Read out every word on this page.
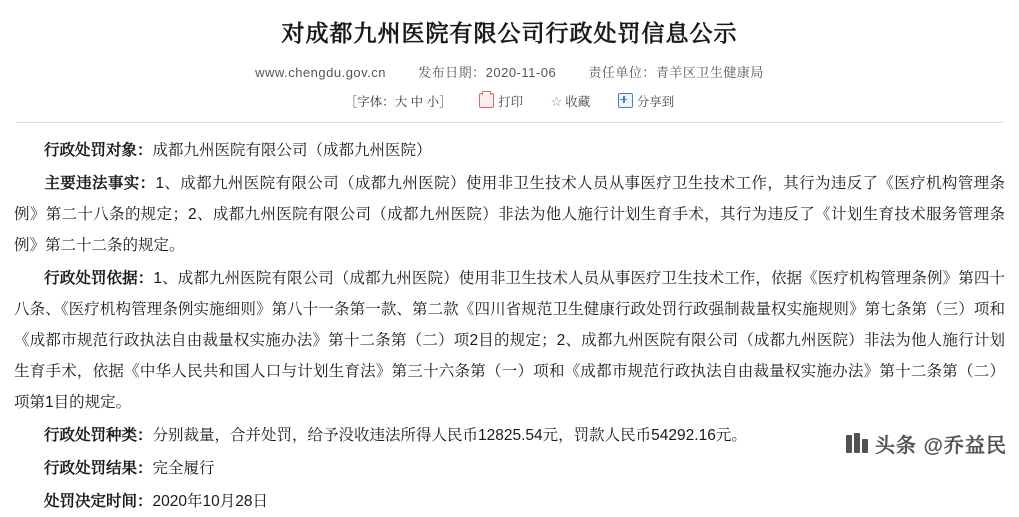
对成都九州医院有限公司行政处罚信息公示
www.chengdu.gov.cn 发布日期：2020-11-06 责任单位：青羊区卫生健康局
［字体：大 中 小］	打印 ☆ 收藏	分享到

行政处罚对象：成都九州医院有限公司（成都九州医院）

主要违法事实：1、成都九州医院有限公司（成都九州医院）使用非卫生技术人员从事医疗卫生技术工作，其行为违反了《医疗机构管理条例》第二十八条的规定；2、成都九州医院有限公司（成都九州医院）非法为他人施行计划生育手术，其行为违反了《计划生育技术服务管理条例》第二十二条的规定。

行政处罚依据：1、成都九州医院有限公司（成都九州医院）使用非卫生技术人员从事医疗卫生技术工作，依据《医疗机构管理条例》第四十八条、《医疗机构管理条例实施细则》第八十一条第一款、第二款《四川省规范卫生健康行政处罚行政强制裁量权实施规则》第七条第（三）项和《成都市规范行政执法自由裁量权实施办法》第十二条第（二）项2目的规定；2、成都九州医院有限公司（成都九州医院）非法为他人施行计划生育手术，依据《中华人民共和国人口与计划生育法》第三十六条第（一）项和《成都市规范行政执法自由裁量权实施办法》第十二条第（二）项第1目的规定。

行政处罚种类：分别裁量，合并处罚，给予没收违法所得人民币12825.54元，罚款人民币54292.16元。

行政处罚结果：完全履行

处罚决定时间：2020年10月28日

头条 @乔益民
